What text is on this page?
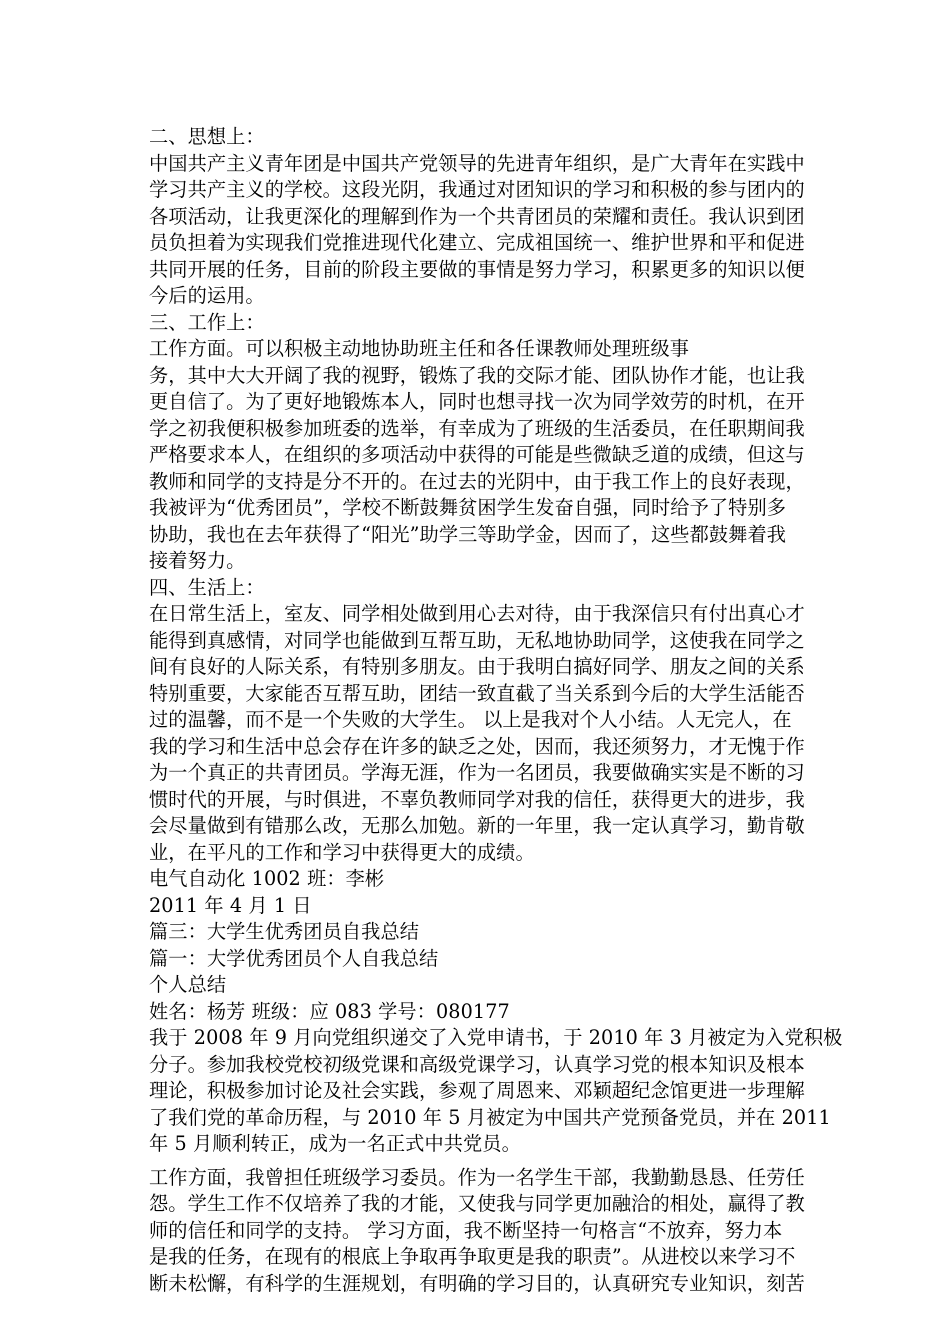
二、思想上：
中国共产主义青年团是中国共产党领导的先进青年组织，是广大青年在实践中
学习共产主义的学校。这段光阴，我通过对团知识的学习和积极的参与团内的
各项活动，让我更深化的理解到作为一个共青团员的荣耀和责任。我认识到团
员负担着为实现我们党推进现代化建立、完成祖国统一、维护世界和平和促进
共同开展的任务，目前的阶段主要做的事情是努力学习，积累更多的知识以便
今后的运用。
三、工作上：
工作方面。可以积极主动地协助班主任和各任课教师处理班级事
务，其中大大开阔了我的视野，锻炼了我的交际才能、团队协作才能，也让我
更自信了。为了更好地锻炼本人，同时也想寻找一次为同学效劳的时机，在开
学之初我便积极参加班委的选举，有幸成为了班级的生活委员，在任职期间我
严格要求本人，在组织的多项活动中获得的可能是些微缺乏道的成绩，但这与
教师和同学的支持是分不开的。在过去的光阴中，由于我工作上的良好表现，
我被评为“优秀团员”，学校不断鼓舞贫困学生发奋自强，同时给予了特别多
协助，我也在去年获得了“阳光”助学三等助学金，因而了，这些都鼓舞着我
接着努力。
四、生活上：
在日常生活上，室友、同学相处做到用心去对待，由于我深信只有付出真心才
能得到真感情，对同学也能做到互帮互助，无私地协助同学，这使我在同学之
间有良好的人际关系，有特别多朋友。由于我明白搞好同学、朋友之间的关系
特别重要，大家能否互帮互助，团结一致直截了当关系到今后的大学生活能否
过的温馨，而不是一个失败的大学生。 以上是我对个人小结。人无完人，在
我的学习和生活中总会存在许多的缺乏之处，因而，我还须努力，才无愧于作
为一个真正的共青团员。学海无涯，作为一名团员，我要做确实实是不断的习
惯时代的开展，与时俱进，不辜负教师同学对我的信任，获得更大的进步，我
会尽量做到有错那么改，无那么加勉。新的一年里，我一定认真学习，勤肯敬
业，在平凡的工作和学习中获得更大的成绩。
电气自动化 1002 班：李彬
2011 年 4 月 1 日
篇三：大学生优秀团员自我总结
篇一：大学优秀团员个人自我总结
个人总结
姓名：杨芳 班级：应 083 学号：080177
我于 2008 年 9 月向党组织递交了入党申请书，于 2010 年 3 月被定为入党积极
分子。参加我校党校初级党课和高级党课学习，认真学习党的根本知识及根本
理论，积极参加讨论及社会实践，参观了周恩来、邓颖超纪念馆更进一步理解
了我们党的革命历程，与 2010 年 5 月被定为中国共产党预备党员，并在 2011
年 5 月顺利转正，成为一名正式中共党员。
工作方面，我曾担任班级学习委员。作为一名学生干部，我勤勤恳恳、任劳任
怨。学生工作不仅培养了我的才能，又使我与同学更加融洽的相处，赢得了教
师的信任和同学的支持。 学习方面，我不断坚持一句格言“不放弃，努力本
是我的任务，在现有的根底上争取再争取更是我的职责”。从进校以来学习不
断未松懈，有科学的生涯规划，有明确的学习目的，认真研究专业知识，刻苦
